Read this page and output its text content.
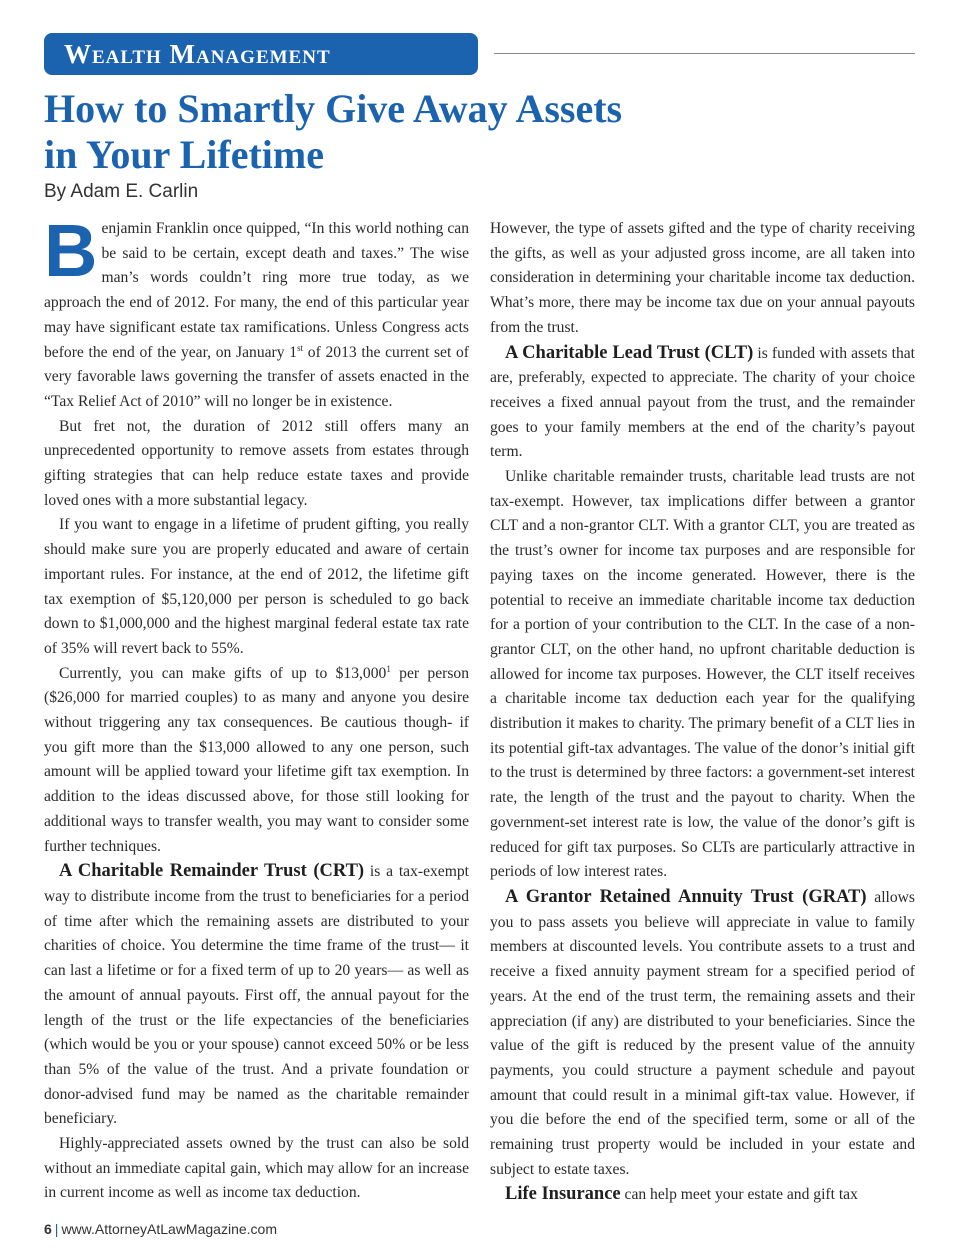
Wealth Management
How to Smartly Give Away Assets
in Your Lifetime
By Adam E. Carlin

Benjamin Franklin once quipped, “In this world nothing can be said to be certain, except death and taxes.” The wise man’s words couldn’t ring more true today, as we approach the end of 2012. For many, the end of this particular year may have significant estate tax ramifications. Unless Congress acts before the end of the year, on January 1st of 2013 the current set of very favorable laws governing the transfer of assets enacted in the “Tax Relief Act of 2010” will no longer be in existence.

But fret not, the duration of 2012 still offers many an unprecedented opportunity to remove assets from estates through gifting strategies that can help reduce estate taxes and provide loved ones with a more substantial legacy.

If you want to engage in a lifetime of prudent gifting, you really should make sure you are properly educated and aware of certain important rules. For instance, at the end of 2012, the lifetime gift tax exemption of $5,120,000 per person is scheduled to go back down to $1,000,000 and the highest marginal federal estate tax rate of 35% will revert back to 55%.

Currently, you can make gifts of up to $13,000$^1$ per person ($26,000 for married couples) to as many and anyone you desire without triggering any tax consequences. Be cautious though- if you gift more than the $13,000 allowed to any one person, such amount will be applied toward your lifetime gift tax exemption. In addition to the ideas discussed above, for those still looking for additional ways to transfer wealth, you may want to consider some further techniques.

A Charitable Remainder Trust (CRT) is a tax-exempt way to distribute income from the trust to beneficiaries for a period of time after which the remaining assets are distributed to your charities of choice. You determine the time frame of the trust— it can last a lifetime or for a fixed term of up to 20 years— as well as the amount of annual payouts. First off, the annual payout for the length of the trust or the life expectancies of the beneficiaries (which would be you or your spouse) cannot exceed 50% or be less than 5% of the value of the trust. And a private foundation or donor-advised fund may be named as the charitable remainder beneficiary.

Highly-appreciated assets owned by the trust can also be sold without an immediate capital gain, which may allow for an increase in current income as well as income tax deduction.

However, the type of assets gifted and the type of charity receiving the gifts, as well as your adjusted gross income, are all taken into consideration in determining your charitable income tax deduction. What’s more, there may be income tax due on your annual payouts from the trust.

A Charitable Lead Trust (CLT) is funded with assets that are, preferably, expected to appreciate. The charity of your choice receives a fixed annual payout from the trust, and the remainder goes to your family members at the end of the charity’s payout term.

Unlike charitable remainder trusts, charitable lead trusts are not tax-exempt. However, tax implications differ between a grantor CLT and a non-grantor CLT. With a grantor CLT, you are treated as the trust’s owner for income tax purposes and are responsible for paying taxes on the income generated. However, there is the potential to receive an immediate charitable income tax deduction for a portion of your contribution to the CLT. In the case of a non-grantor CLT, on the other hand, no upfront charitable deduction is allowed for income tax purposes. However, the CLT itself receives a charitable income tax deduction each year for the qualifying distribution it makes to charity. The primary benefit of a CLT lies in its potential gift-tax advantages. The value of the donor’s initial gift to the trust is determined by three factors: a government-set interest rate, the length of the trust and the payout to charity. When the government-set interest rate is low, the value of the donor’s gift is reduced for gift tax purposes. So CLTs are particularly attractive in periods of low interest rates.

A Grantor Retained Annuity Trust (GRAT) allows you to pass assets you believe will appreciate in value to family members at discounted levels. You contribute assets to a trust and receive a fixed annuity payment stream for a specified period of years. At the end of the trust term, the remaining assets and their appreciation (if any) are distributed to your beneficiaries. Since the value of the gift is reduced by the present value of the annuity payments, you could structure a payment schedule and payout amount that could result in a minimal gift-tax value. However, if you die before the end of the specified term, some or all of the remaining trust property would be included in your estate and subject to estate taxes.

Life Insurance can help meet your estate and gift tax

6 | www.AttorneyAtLawMagazine.com
